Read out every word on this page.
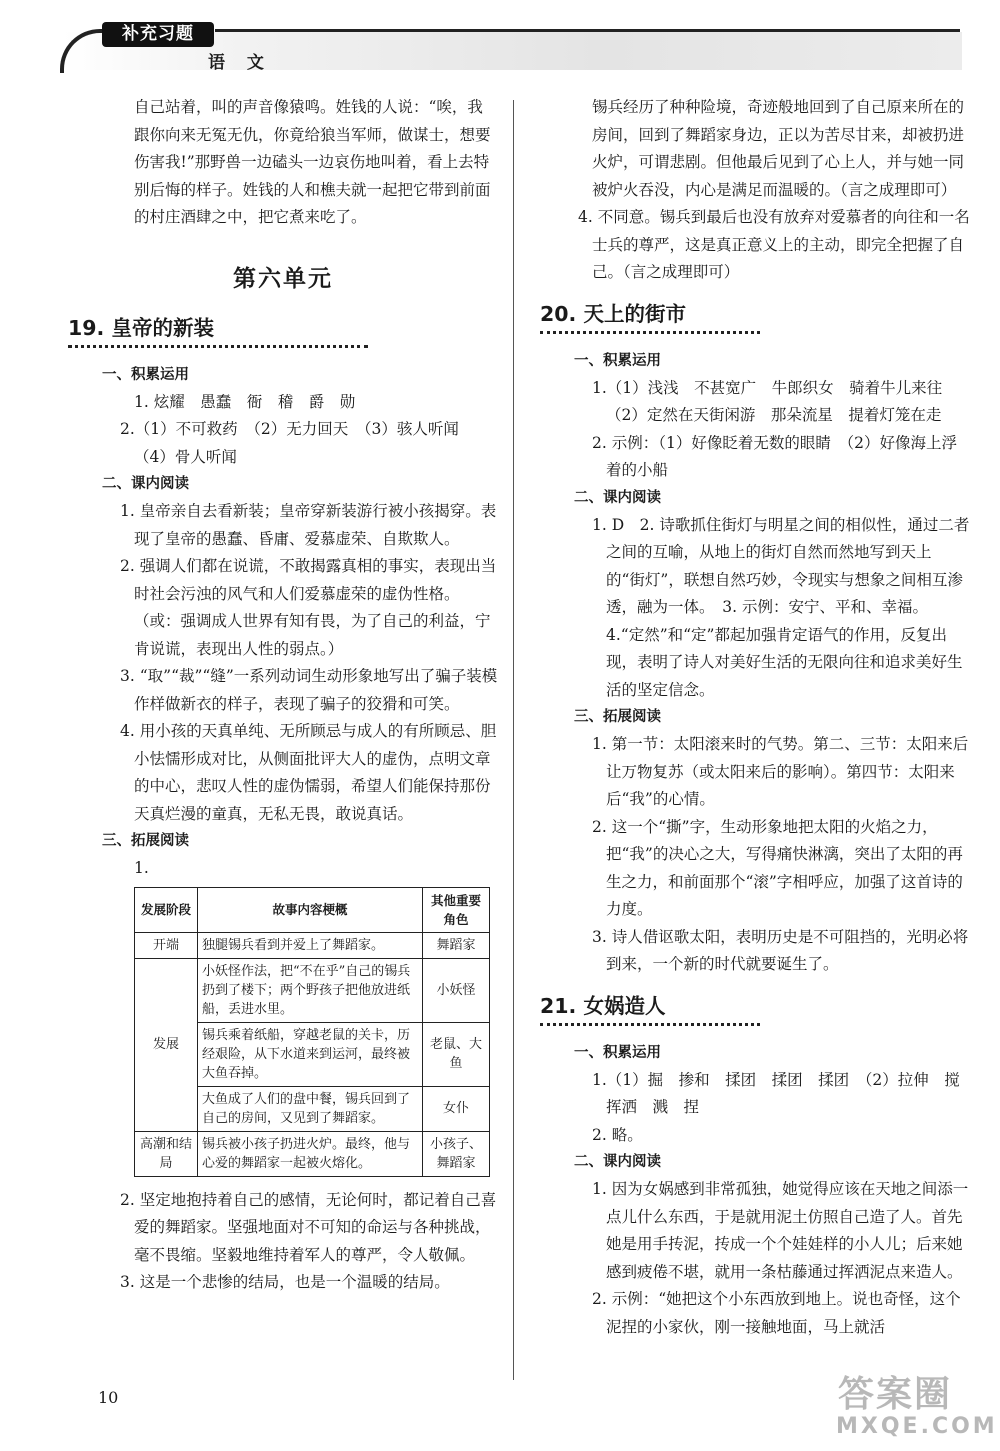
补充习题
语 文

自己站着，叫的声音像猿鸣。姓钱的人说：“唉，我跟你向来无冤无仇，你竟给狼当军师，做谋士，想要伤害我!”那野兽一边磕头一边哀伤地叫着，看上去特别后悔的样子。姓钱的人和樵夫就一起把它带到前面的村庄酒肆之中，把它煮来吃了。

第六单元
19. 皇帝的新装
一、积累运用

1. 炫耀　愚蠢　衙　稽　爵　勋

2.（1）不可救药　（2）无力回天　（3）骇人听闻　（4）骨人听闻

二、课内阅读

1. 皇帝亲自去看新装；皇帝穿新装游行被小孩揭穿。表现了皇帝的愚蠢、昏庸、爱慕虚荣、自欺欺人。

2. 强调人们都在说谎，不敢揭露真相的事实，表现出当时社会污浊的风气和人们爱慕虚荣的虚伪性格。（或：强调成人世界有知有畏，为了自己的利益，宁肯说谎，表现出人性的弱点。）

3. “取”“裁”“缝”一系列动词生动形象地写出了骗子装模作样做新衣的样子，表现了骗子的狡猾和可笑。

4. 用小孩的天真单纯、无所顾忌与成人的有所顾忌、胆小怯懦形成对比，从侧面批评大人的虚伪，点明文章的中心，悲叹人性的虚伪懦弱，希望人们能保持那份天真烂漫的童真，无私无畏，敢说真话。

三、拓展阅读

1.

发展阶段	故事内容梗概	其他重要角色
开端	独腿锡兵看到并爱上了舞蹈家。	舞蹈家
发展	小妖怪作法，把“不在乎”自己的锡兵扔到了楼下；两个野孩子把他放进纸船，丢进水里。	小妖怪
	锡兵乘着纸船，穿越老鼠的关卡，历经艰险，从下水道来到运河，最终被大鱼吞掉。	老鼠、大鱼
	大鱼成了人们的盘中餐，锡兵回到了自己的房间，又见到了舞蹈家。	女仆
高潮和结局	锡兵被小孩子扔进火炉。最终，他与心爱的舞蹈家一起被火熔化。	小孩子、舞蹈家

2. 坚定地抱持着自己的感情，无论何时，都记着自己喜爱的舞蹈家。坚强地面对不可知的命运与各种挑战，毫不畏缩。坚毅地维持着军人的尊严，令人敬佩。

3. 这是一个悲惨的结局，也是一个温暖的结局。

锡兵经历了种种险境，奇迹般地回到了自己原来所在的房间，回到了舞蹈家身边，正以为苦尽甘来，却被扔进火炉，可谓悲剧。但他最后见到了心上人，并与她一同被炉火吞没，内心是满足而温暖的。（言之成理即可）

4. 不同意。锡兵到最后也没有放弃对爱慕者的向往和一名士兵的尊严，这是真正意义上的主动，即完全把握了自己。（言之成理即可）

20. 天上的街市
一、积累运用

1.（1）浅浅　不甚宽广　牛郎织女　骑着牛儿来往　（2）定然在天街闲游　那朵流星　提着灯笼在走

2. 示例：（1）好像眨着无数的眼睛　（2）好像海上浮着的小船

二、课内阅读

1. D　2. 诗歌抓住街灯与明星之间的相似性，通过二者之间的互喻，从地上的街灯自然而然地写到天上的“街灯”，联想自然巧妙，令现实与想象之间相互渗透，融为一体。　3. 示例：安宁、平和、幸福。　4.“定然”和“定”都起加强肯定语气的作用，反复出现，表明了诗人对美好生活的无限向往和追求美好生活的坚定信念。

三、拓展阅读

1. 第一节：太阳滚来时的气势。第二、三节：太阳来后让万物复苏（或太阳来后的影响）。第四节：太阳来后“我”的心情。

2. 这一个“撕”字，生动形象地把太阳的火焰之力，把“我”的决心之大，写得痛快淋漓，突出了太阳的再生之力，和前面那个“滚”字相呼应，加强了这首诗的力度。

3. 诗人借讴歌太阳，表明历史是不可阻挡的，光明必将到来，一个新的时代就要诞生了。

21. 女娲造人
一、积累运用

1.（1）掘　掺和　揉团　揉团　揉团　（2）拉伸　搅　挥洒　溅　捏

2. 略。

二、课内阅读

1. 因为女娲感到非常孤独，她觉得应该在天地之间添一点儿什么东西，于是就用泥土仿照自己造了人。首先她是用手抟泥，抟成一个个娃娃样的小人儿；后来她感到疲倦不堪，就用一条枯藤通过挥洒泥点来造人。

2. 示例：“她把这个小东西放到地上。说也奇怪，这个泥捏的小家伙，刚一接触地面，马上就活

10	答案圈
MXQE.COM
